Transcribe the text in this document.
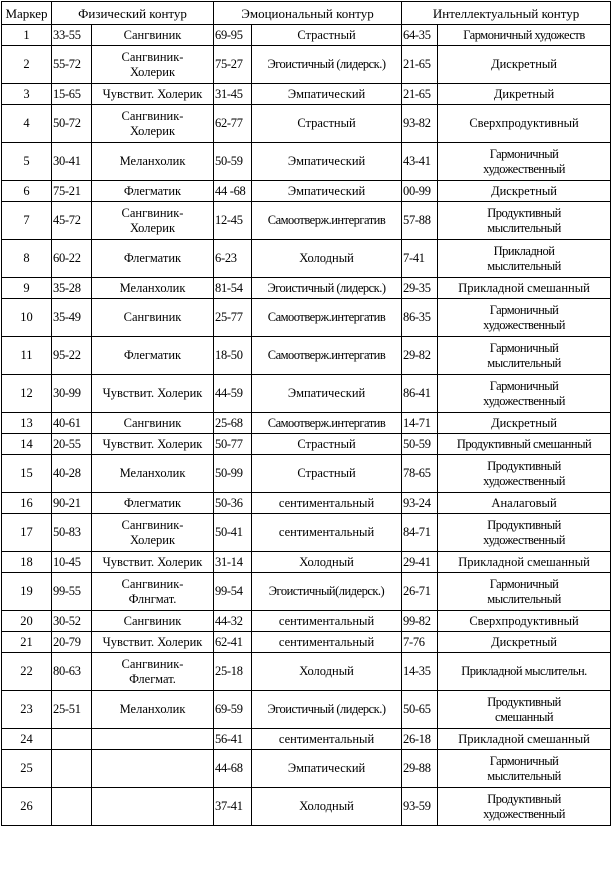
Маркер	Физический контур		Эмоциональный контур		Интеллектуальный контур	
1	33-55	Сангвиник	69-95	Страстный	64-35	Гармоничный художеств
2	55-72	Сангвиник-
Холерик	75-27	Эгоистичный (лидерск.)	21-65	Дискретный
3	15-65	Чувствит. Холерик	31-45	Эмпатический	21-65	Дикретный
4	50-72	Сангвиник-
Холерик	62-77	Страстный	93-82	Сверхпродуктивный
5	30-41	Меланхолик	50-59	Эмпатический	43-41	Гармоничный
художественный
6	75-21	Флегматик	44 -68	Эмпатический	00-99	Дискретный
7	45-72	Сангвиник-
Холерик	12-45	Самоотверж.интергатив	57-88	Продуктивный
мыслительный
8	60-22	Флегматик	6-23	Холодный	7-41	Прикладной
мыслительный
9	35-28	Меланхолик	81-54	Эгоистичный (лидерск.)	29-35	Прикладной смешанный
10	35-49	Сангвиник	25-77	Самоотверж.интергатив	86-35	Гармоничный
художественный
11	95-22	Флегматик	18-50	Самоотверж.интергатив	29-82	Гармоничный
мыслительный
12	30-99	Чувствит. Холерик	44-59	Эмпатический	86-41	Гармоничный
художественный
13	40-61	Сангвиник	25-68	Самоотверж.интергатив	14-71	Дискретный
14	20-55	Чувствит. Холерик	50-77	Страстный	50-59	Продуктивный смешанный
15	40-28	Меланхолик	50-99	Страстный	78-65	Продуктивный
художественный
16	90-21	Флегматик	50-36	сентиментальный	93-24	Аналаговый
17	50-83	Сангвиник-
Холерик	50-41	сентиментальный	84-71	Продуктивный
художественный
18	10-45	Чувствит. Холерик	31-14	Холодный	29-41	Прикладной смешанный
19	99-55	Сангвиник-
Флнгмат.	99-54	Эгоистичный(лидерск.)	26-71	Гармоничный
мыслительный
20	30-52	Сангвиник	44-32	сентиментальный	99-82	Сверхпродуктивный
21	20-79	Чувствит. Холерик	62-41	сентиментальный	7-76	Дискретный
22	80-63	Сангвиник-
Флегмат.	25-18	Холодный	14-35	Прикладной мыслительн.
23	25-51	Меланхолик	69-59	Эгоистичный (лидерск.)	50-65	Продуктивный
смешанный
24			56-41	сентиментальный	26-18	Прикладной смешанный
25			44-68	Эмпатический	29-88	Гармоничный
мыслительный
26			37-41	Холодный	93-59	Продуктивный
художественный
